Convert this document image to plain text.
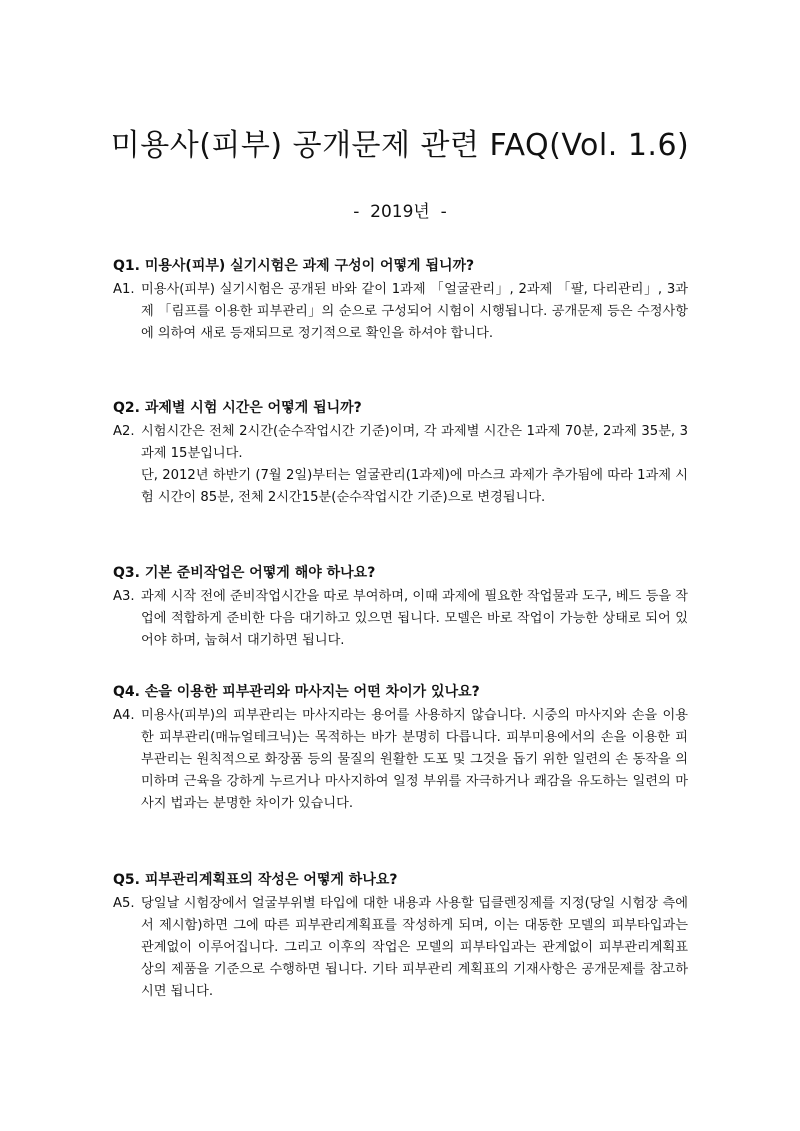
미용사(피부) 공개문제 관련 FAQ(Vol. 1.6)
-  2019년  -
Q1. 미용사(피부) 실기시험은 과제 구성이 어떻게 됩니까?
A1. 미용사(피부) 실기시험은 공개된 바와 같이 1과제 「얼굴관리」, 2과제 「팔, 다리관리」, 3과제 「림프를 이용한 피부관리」의 순으로 구성되어 시험이 시행됩니다. 공개문제 등은 수정사항에 의하여 새로 등재되므로 정기적으로 확인을 하셔야 합니다.

Q2. 과제별 시험 시간은 어떻게 됩니까?
A2. 시험시간은 전체 2시간(순수작업시간 기준)이며, 각 과제별 시간은 1과제 70분, 2과제 35분, 3과제 15분입니다.

단, 2012년 하반기 (7월 2일)부터는 얼굴관리(1과제)에 마스크 과제가 추가됨에 따라 1과제 시험 시간이 85분, 전체 2시간15분(순수작업시간 기준)으로 변경됩니다.

Q3. 기본 준비작업은 어떻게 해야 하나요?
A3. 과제 시작 전에 준비작업시간을 따로 부여하며, 이때 과제에 필요한 작업물과 도구, 베드 등을 작업에 적합하게 준비한 다음 대기하고 있으면 됩니다. 모델은 바로 작업이 가능한 상태로 되어 있어야 하며, 눕혀서 대기하면 됩니다.

Q4. 손을 이용한 피부관리와 마사지는 어떤 차이가 있나요?
A4. 미용사(피부)의 피부관리는 마사지라는 용어를 사용하지 않습니다. 시중의 마사지와 손을 이용한 피부관리(매뉴얼테크닉)는 목적하는 바가 분명히 다릅니다. 피부미용에서의 손을 이용한 피부관리는 원칙적으로 화장품 등의 물질의 원활한 도포 및 그것을 돕기 위한 일련의 손 동작을 의미하며 근육을 강하게 누르거나 마사지하여 일정 부위를 자극하거나 쾌감을 유도하는 일련의 마사지 법과는 분명한 차이가 있습니다.

Q5. 피부관리계획표의 작성은 어떻게 하나요?
A5. 당일날 시험장에서 얼굴부위별 타입에 대한 내용과 사용할 딥클렌징제를 지정(당일 시험장 측에서 제시함)하면 그에 따른 피부관리계획표를 작성하게 되며, 이는 대동한 모델의 피부타입과는 관계없이 이루어집니다. 그리고 이후의 작업은 모델의 피부타입과는 관계없이 피부관리계획표 상의 제품을 기준으로 수행하면 됩니다. 기타 피부관리 계획표의 기재사항은 공개문제를 참고하시면 됩니다.
